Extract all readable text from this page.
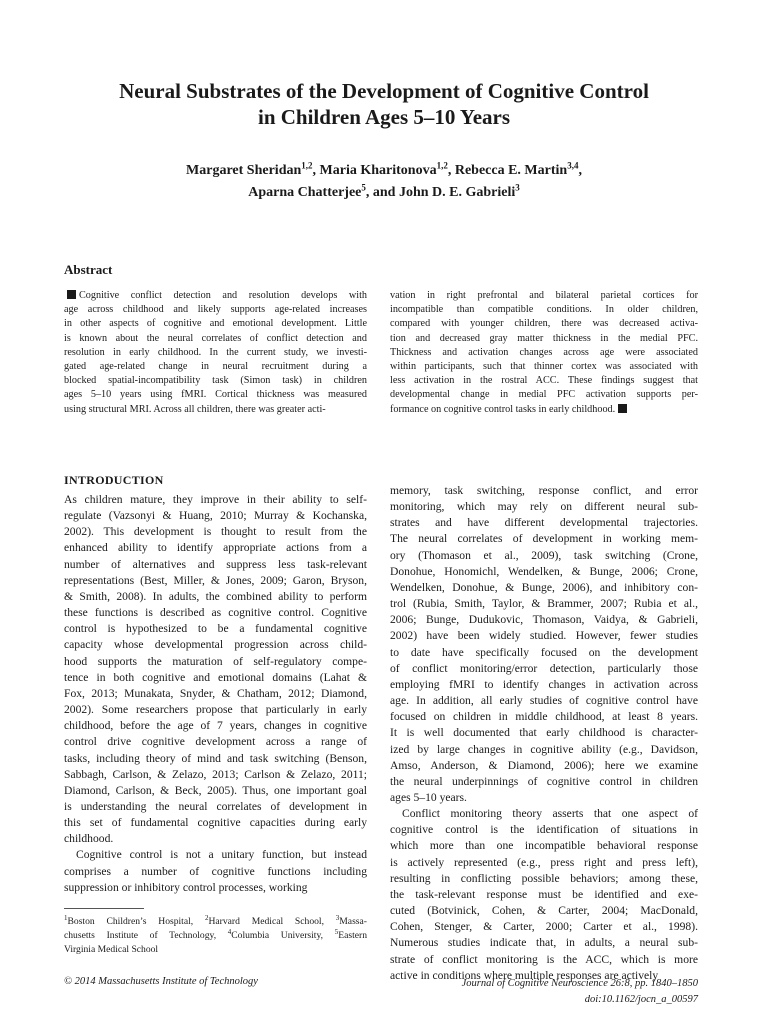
Neural Substrates of the Development of Cognitive Control
in Children Ages 5–10 Years
Margaret Sheridan$^{1,2}$, Maria Kharitonova$^{1,2}$, Rebecca E. Martin$^{3,4}$,
Aparna Chatterjee$^5$, and John D. E. Gabrieli$^3$
Abstract
Cognitive conflict detection and resolution develops with
age across childhood and likely supports age-related increases
in other aspects of cognitive and emotional development. Little
is known about the neural correlates of conflict detection and
resolution in early childhood. In the current study, we investi-
gated age-related change in neural recruitment during a
blocked spatial-incompatibility task (Simon task) in children
ages 5–10 years using fMRI. Cortical thickness was measured
using structural MRI. Across all children, there was greater acti-
vation in right prefrontal and bilateral parietal cortices for
incompatible than compatible conditions. In older children,
compared with younger children, there was decreased activa-
tion and decreased gray matter thickness in the medial PFC.
Thickness and activation changes across age were associated
within participants, such that thinner cortex was associated with
less activation in the rostral ACC. These findings suggest that
developmental change in medial PFC activation supports per-
formance on cognitive control tasks in early childhood.
INTRODUCTION
As children mature, they improve in their ability to self-
regulate (Vazsonyi & Huang, 2010; Murray & Kochanska,
2002). This development is thought to result from the
enhanced ability to identify appropriate actions from a
number of alternatives and suppress less task-relevant
representations (Best, Miller, & Jones, 2009; Garon, Bryson,
& Smith, 2008). In adults, the combined ability to perform
these functions is described as cognitive control. Cognitive
control is hypothesized to be a fundamental cognitive
capacity whose developmental progression across child-
hood supports the maturation of self-regulatory compe-
tence in both cognitive and emotional domains (Lahat &
Fox, 2013; Munakata, Snyder, & Chatham, 2012; Diamond,
2002). Some researchers propose that particularly in early
childhood, before the age of 7 years, changes in cognitive
control drive cognitive development across a range of
tasks, including theory of mind and task switching (Benson,
Sabbagh, Carlson, & Zelazo, 2013; Carlson & Zelazo, 2011;
Diamond, Carlson, & Beck, 2005). Thus, one important goal
is understanding the neural correlates of development in
this set of fundamental cognitive capacities during early
childhood.
Cognitive control is not a unitary function, but instead
comprises a number of cognitive functions including
suppression or inhibitory control processes, working
memory, task switching, response conflict, and error
monitoring, which may rely on different neural sub-
strates and have different developmental trajectories.
The neural correlates of development in working mem-
ory (Thomason et al., 2009), task switching (Crone,
Donohue, Honomichl, Wendelken, & Bunge, 2006; Crone,
Wendelken, Donohue, & Bunge, 2006), and inhibitory con-
trol (Rubia, Smith, Taylor, & Brammer, 2007; Rubia et al.,
2006; Bunge, Dudukovic, Thomason, Vaidya, & Gabrieli,
2002) have been widely studied. However, fewer studies
to date have specifically focused on the development
of conflict monitoring/error detection, particularly those
employing fMRI to identify changes in activation across
age. In addition, all early studies of cognitive control have
focused on children in middle childhood, at least 8 years.
It is well documented that early childhood is character-
ized by large changes in cognitive ability (e.g., Davidson,
Amso, Anderson, & Diamond, 2006); here we examine
the neural underpinnings of cognitive control in children
ages 5–10 years.
Conflict monitoring theory asserts that one aspect of
cognitive control is the identification of situations in
which more than one incompatible behavioral response
is actively represented (e.g., press right and press left),
resulting in conflicting possible behaviors; among these,
the task-relevant response must be identified and exe-
cuted (Botvinick, Cohen, & Carter, 2004; MacDonald,
Cohen, Stenger, & Carter, 2000; Carter et al., 1998).
Numerous studies indicate that, in adults, a neural sub-
strate of conflict monitoring is the ACC, which is more
active in conditions where multiple responses are actively
$^1$Boston Children’s Hospital, $^2$Harvard Medical School, $^3$Massa-
chusetts Institute of Technology, $^4$Columbia University, $^5$Eastern
Virginia Medical School
© 2014 Massachusetts Institute of Technology	Journal of Cognitive Neuroscience 26:8, pp. 1840–1850
doi:10.1162/jocn_a_00597
